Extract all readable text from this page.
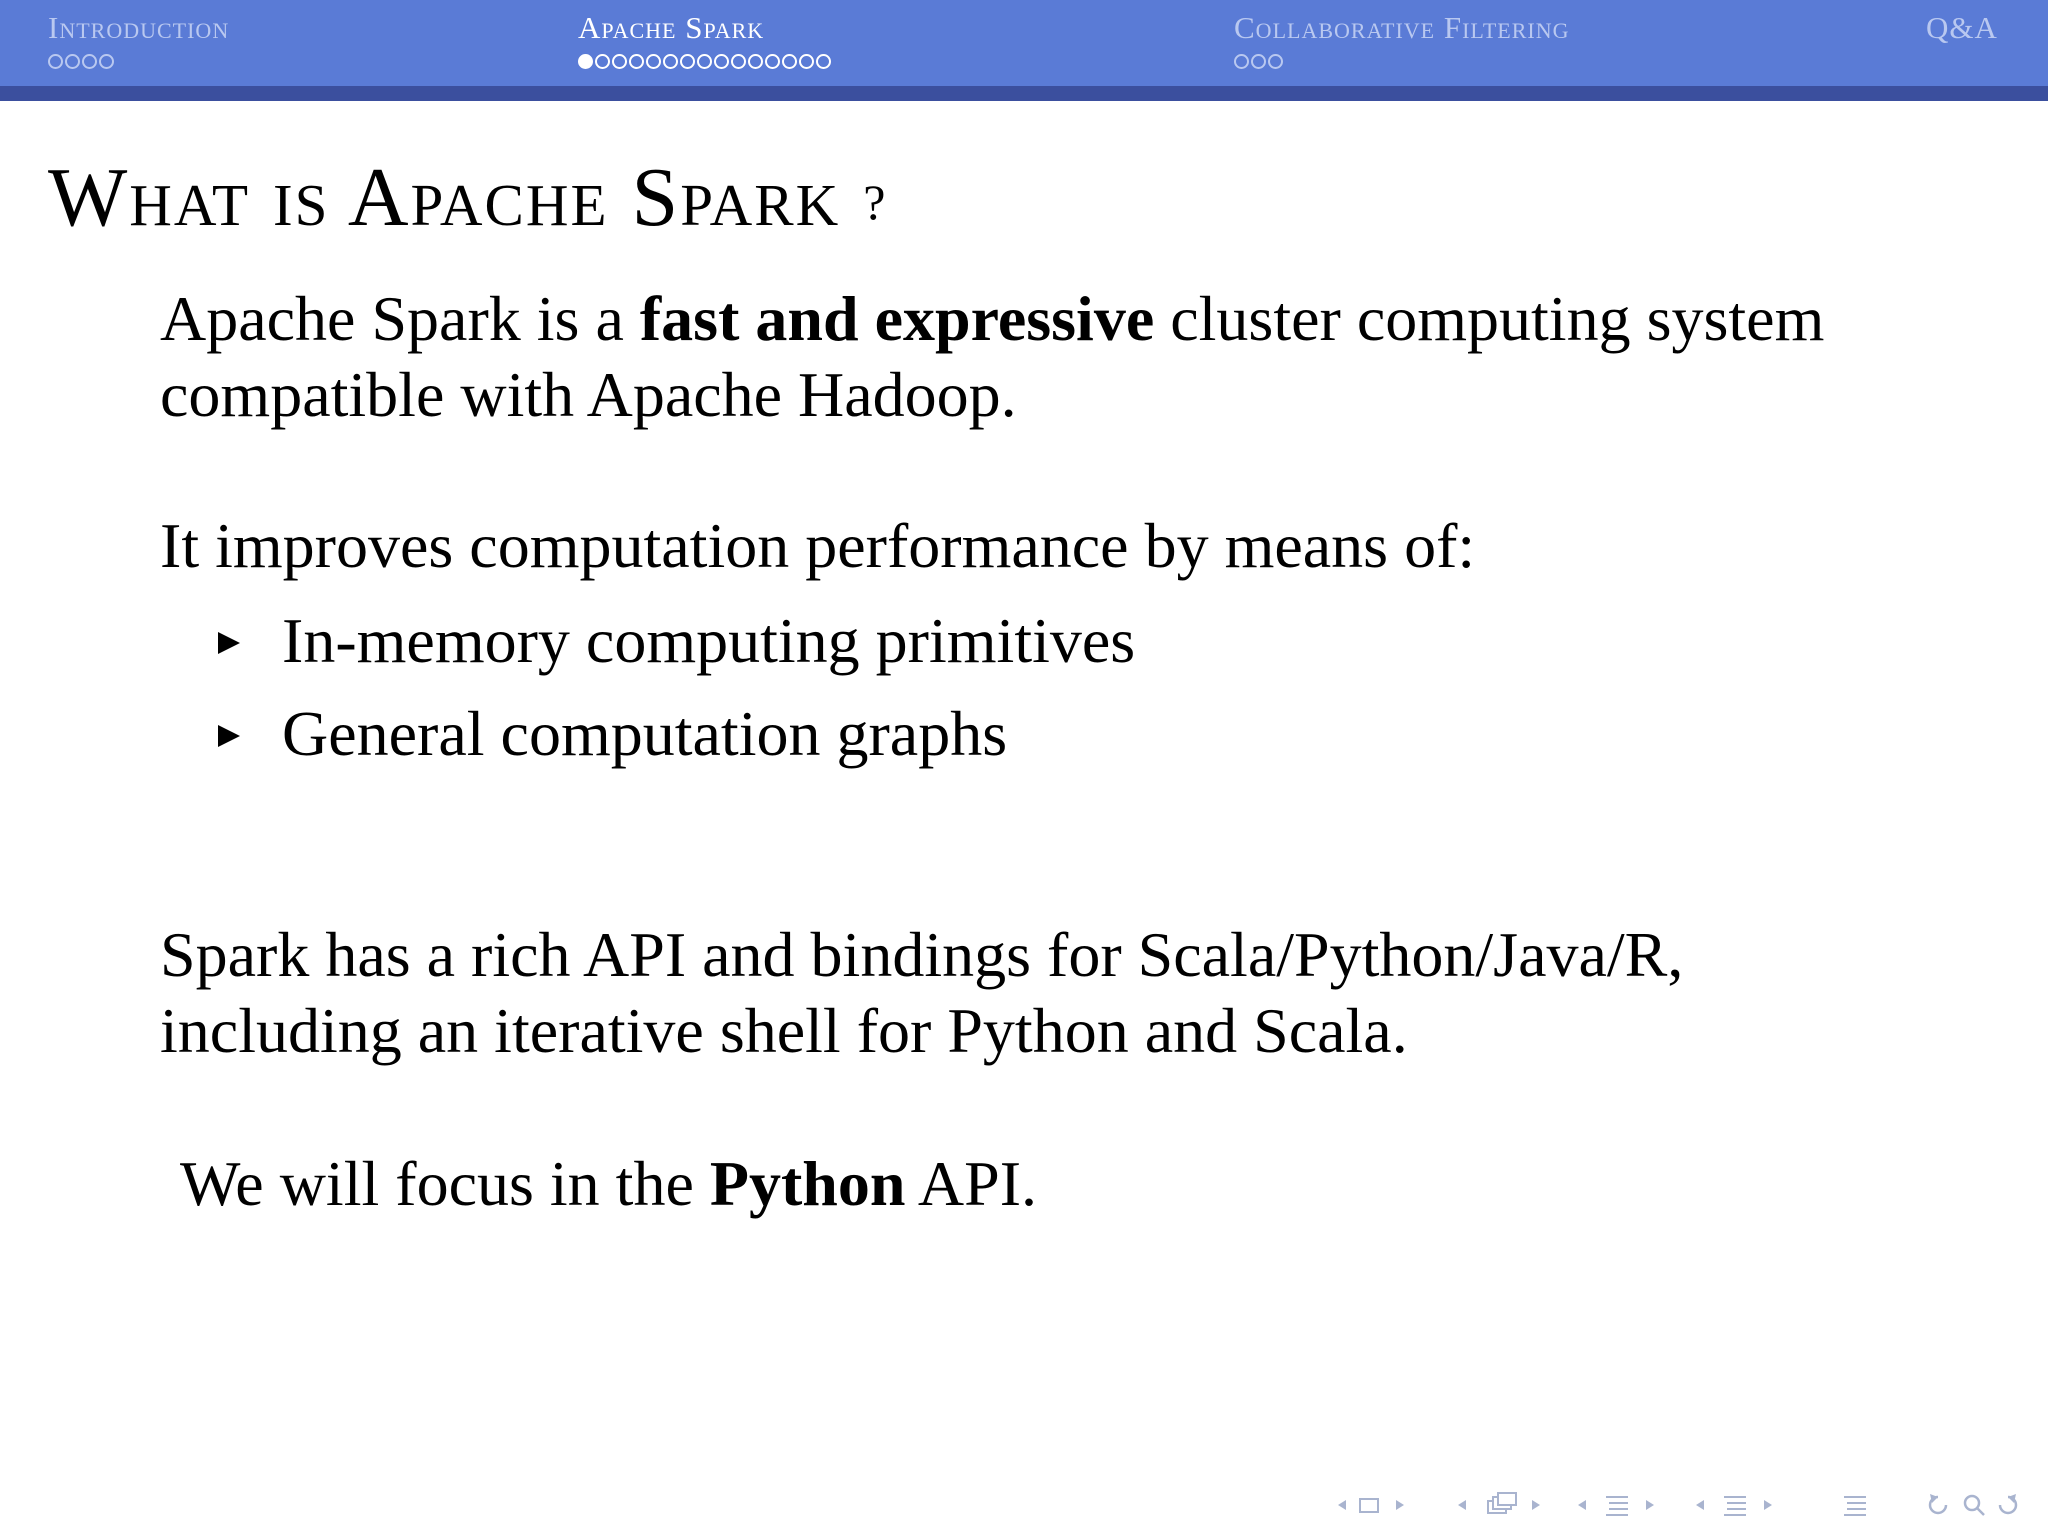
Introduction	Apache Spark	Collaborative Filtering	Q&A
What is Apache Spark ?
Apache Spark is a fast and expressive cluster computing system
compatible with Apache Hadoop.
It improves computation performance by means of:
In-memory computing primitives
General computation graphs
Spark has a rich API and bindings for Scala/Python/Java/R,
including an iterative shell for Python and Scala.
We will focus in the Python API.
